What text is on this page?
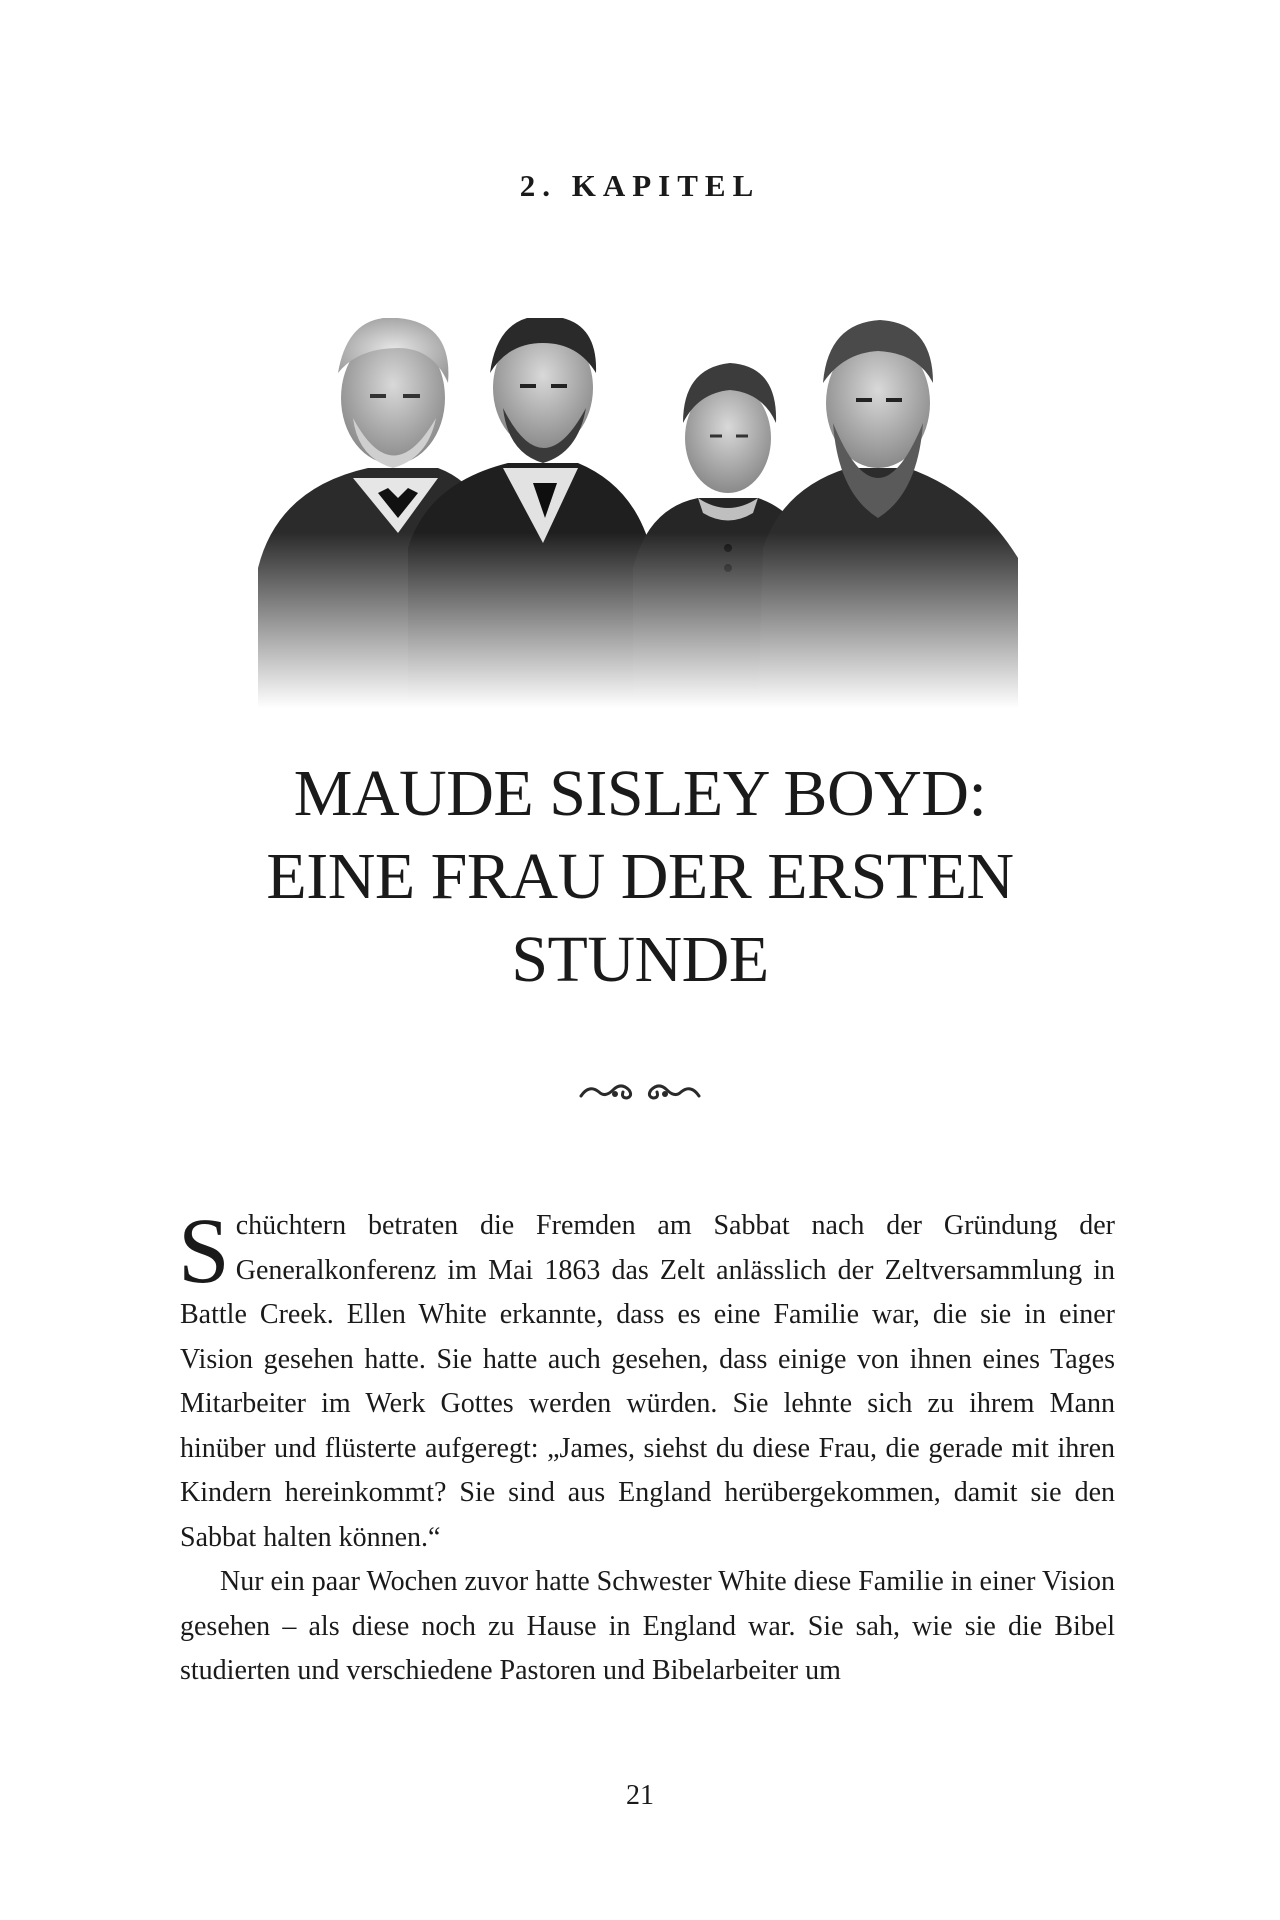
2. KAPITEL
MAUDE SISLEY BOYD:
EINE FRAU DER ERSTEN
STUNDE

Schüchtern betraten die Fremden am Sabbat nach der Gründung der Generalkonferenz im Mai 1863 das Zelt anlässlich der Zeltversammlung in Battle Creek. Ellen White erkannte, dass es eine Familie war, die sie in einer Vision gesehen hatte. Sie hatte auch gesehen, dass einige von ihnen eines Tages Mitarbeiter im Werk Gottes werden würden. Sie lehnte sich zu ihrem Mann hinüber und flüsterte aufgeregt: „James, siehst du diese Frau, die gerade mit ihren Kindern hereinkommt? Sie sind aus England herübergekommen, damit sie den Sabbat halten können.“

Nur ein paar Wochen zuvor hatte Schwester White diese Familie in einer Vision gesehen – als diese noch zu Hause in England war. Sie sah, wie sie die Bibel studierten und verschiedene Pastoren und Bibelarbeiter um

21
